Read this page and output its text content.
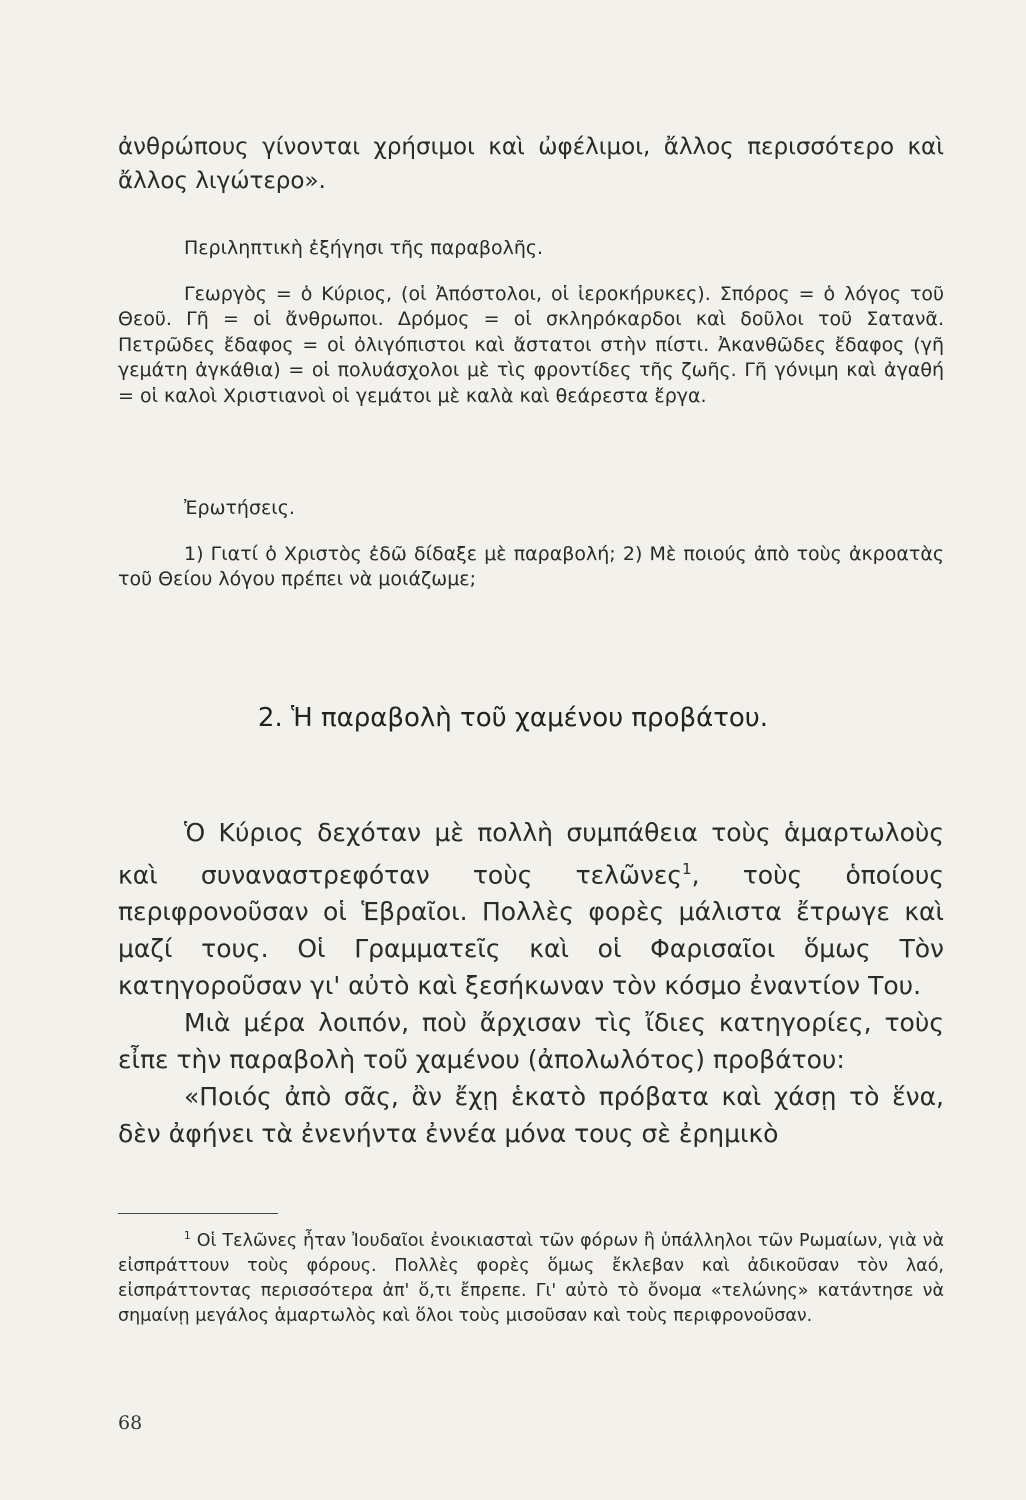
ἀνθρώπους γίνονται χρήσιμοι καὶ ὠφέλιμοι, ἄλλος περισσότερο καὶ ἄλλος λιγώτερο».

Περιληπτικὴ ἐξήγησι τῆς παραβολῆς.

Γεωργὸς = ὁ Κύριος, (οἱ Ἀπόστολοι, οἱ ἱεροκήρυκες). Σπόρος = ὁ λόγος τοῦ Θεοῦ. Γῆ = οἱ ἄνθρωποι. Δρόμος = οἱ σκληρόκαρδοι καὶ δοῦλοι τοῦ Σατανᾶ. Πετρῶδες ἔδαφος = οἱ ὀλιγόπιστοι καὶ ἄστατοι στὴν πίστι. Ἀκανθῶδες ἔδαφος (γῆ γεμάτη ἀγκάθια) = οἱ πολυάσχολοι μὲ τὶς φροντίδες τῆς ζωῆς. Γῆ γόνιμη καὶ ἀγαθή = οἱ καλοὶ Χριστιανοὶ οἱ γεμάτοι μὲ καλὰ καὶ θεάρεστα ἔργα.

Ἐρωτήσεις.

1) Γιατί ὁ Χριστὸς ἐδῶ δίδαξε μὲ παραβολή; 2) Μὲ ποιούς ἀπὸ τοὺς ἀκροατὰς τοῦ Θείου λόγου πρέπει νὰ μοιάζωμε;

2. Ἡ παραβολὴ τοῦ χαμένου προβάτου.

Ὁ Κύριος δεχόταν μὲ πολλὴ συμπάθεια τοὺς ἁμαρτωλοὺς καὶ συναναστρεφόταν τοὺς τελῶνες$^1$, τοὺς ὁποίους περιφρονοῦσαν οἱ Ἑβραῖοι. Πολλὲς φορὲς μάλιστα ἔτρωγε καὶ μαζί τους. Οἱ Γραμματεῖς καὶ οἱ Φαρισαῖοι ὅμως Τὸν κατηγοροῦσαν γι' αὐτὸ καὶ ξεσήκωναν τὸν κόσμο ἐναντίον Του.

Μιὰ μέρα λοιπόν, ποὺ ἄρχισαν τὶς ἴδιες κατηγορίες, τοὺς εἶπε τὴν παραβολὴ τοῦ χαμένου (ἀπολωλότος) προβάτου:

«Ποιός ἀπὸ σᾶς, ἂν ἔχῃ ἑκατὸ πρόβατα καὶ χάσῃ τὸ ἕνα, δὲν ἀφήνει τὰ ἐνενήντα ἐννέα μόνα τους σὲ ἐρημικὸ

$^1$ Οἱ Τελῶνες ἦταν Ἰουδαῖοι ἐνοικιασταὶ τῶν φόρων ἢ ὑπάλληλοι τῶν Ρωμαίων, γιὰ νὰ εἰσπράττουν τοὺς φόρους. Πολλὲς φορὲς ὅμως ἔκλεβαν καὶ ἀδικοῦσαν τὸν λαό, εἰσπράττοντας περισσότερα ἀπ' ὅ,τι ἔπρεπε. Γι' αὐτὸ τὸ ὄνομα «τελώνης» κατάντησε νὰ σημαίνῃ μεγάλος ἁμαρτωλὸς καὶ ὅλοι τοὺς μισοῦσαν καὶ τοὺς περιφρονοῦσαν.

68
